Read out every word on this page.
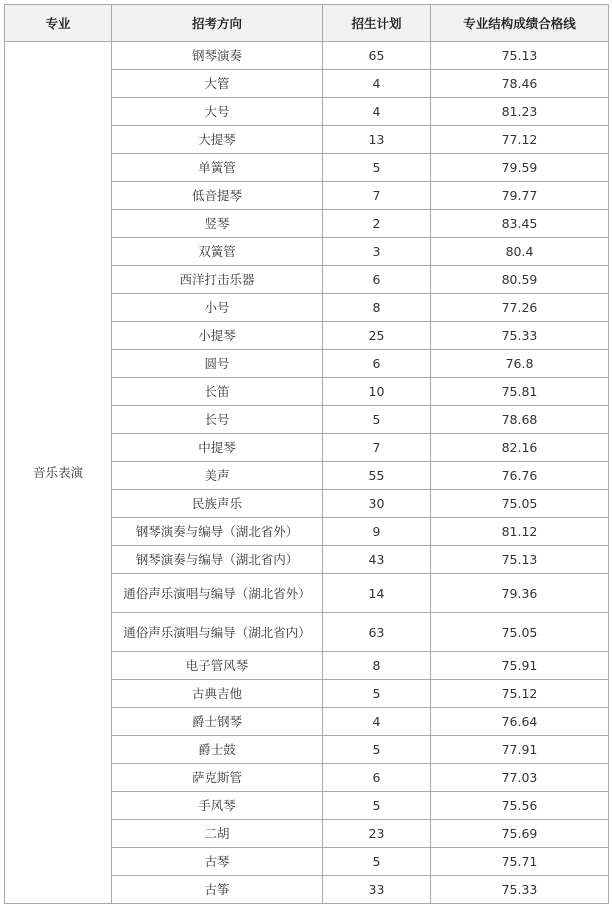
专业	招考方向	招生计划	专业结构成绩合格线
音乐表演	钢琴演奏	65	75.13
	大管	4	78.46
	大号	4	81.23
	大提琴	13	77.12
	单簧管	5	79.59
	低音提琴	7	79.77
	竖琴	2	83.45
	双簧管	3	80.4
	西洋打击乐器	6	80.59
	小号	8	77.26
	小提琴	25	75.33
	圆号	6	76.8
	长笛	10	75.81
	长号	5	78.68
	中提琴	7	82.16
	美声	55	76.76
	民族声乐	30	75.05
	钢琴演奏与编导（湖北省外）	9	81.12
	钢琴演奏与编导（湖北省内）	43	75.13
	通俗声乐演唱与编导（湖北省外）	14	79.36
	通俗声乐演唱与编导（湖北省内）	63	75.05
	电子管风琴	8	75.91
	古典吉他	5	75.12
	爵士钢琴	4	76.64
	爵士鼓	5	77.91
	萨克斯管	6	77.03
	手风琴	5	75.56
	二胡	23	75.69
	古琴	5	75.71
	古筝	33	75.33
